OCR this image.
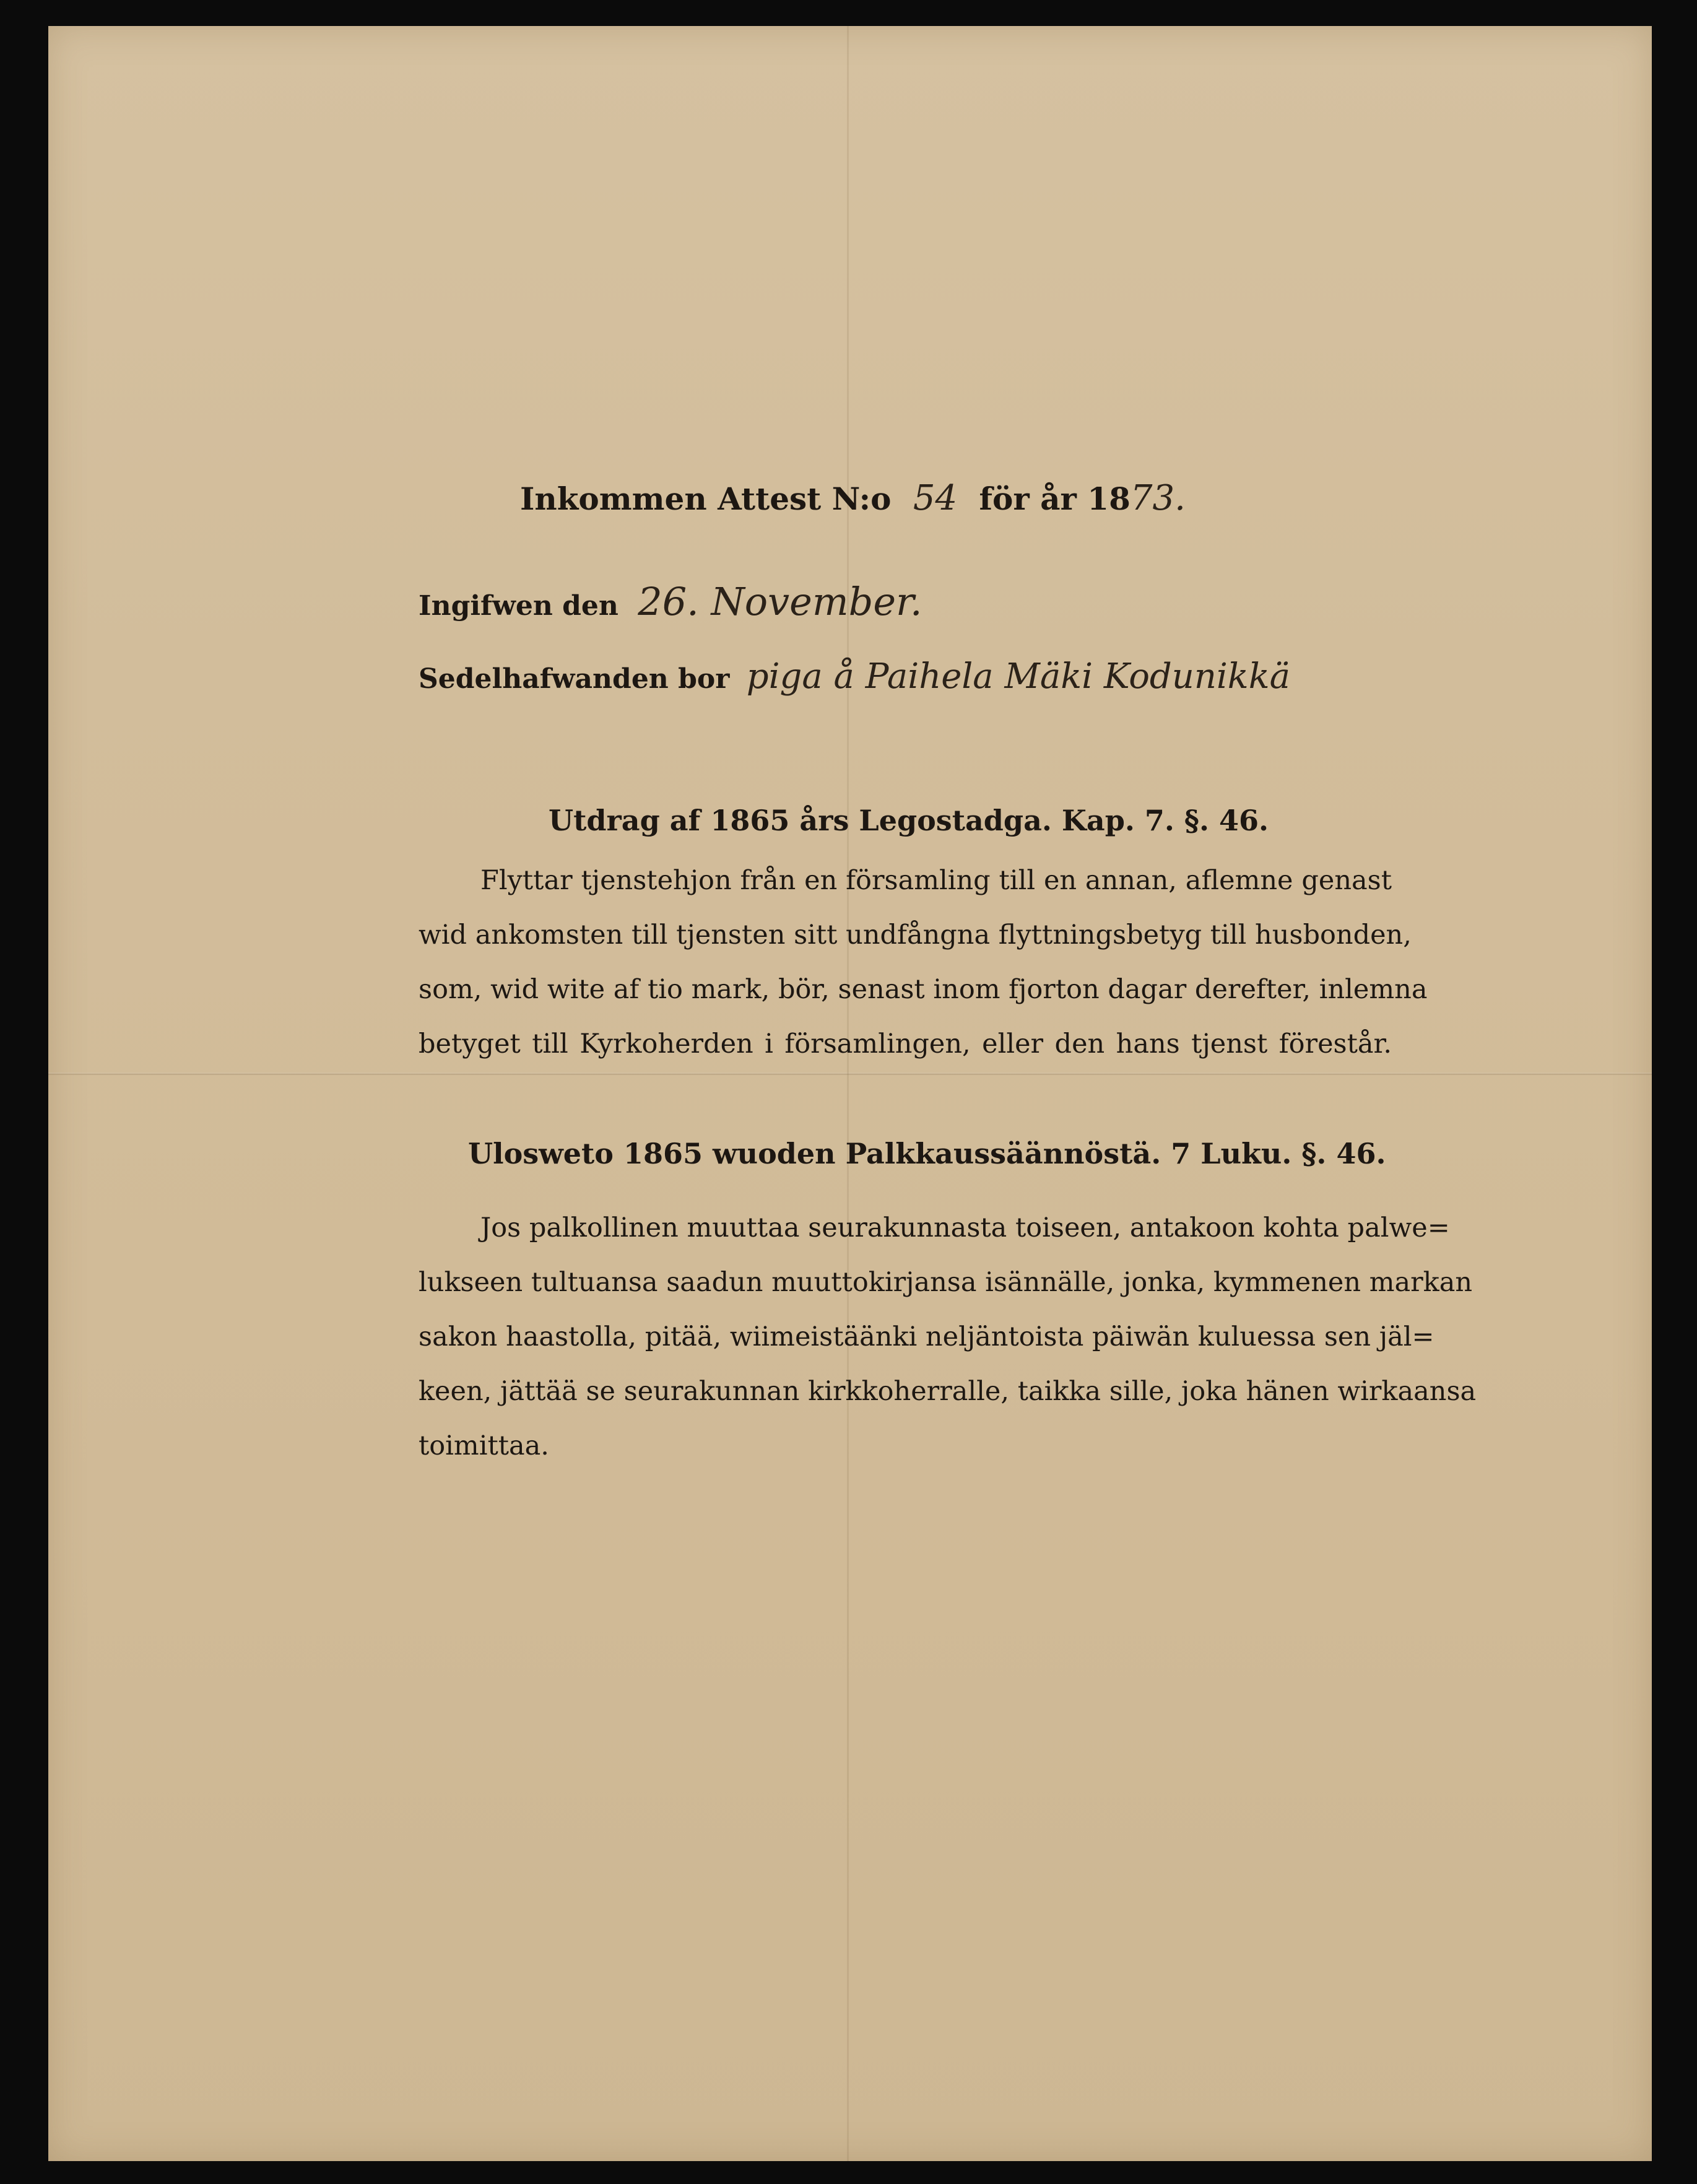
Inkommen Attest N:o 54 för år 1873.
Ingifwen den 26. November.
Sedelhafwanden bor piga å Paihela Mäki Kodunikkä
Utdrag af 1865 års Legostadga. Kap. 7. §. 46.
Flyttar tjenstehjon från en församling till en annan, aflemne genast
wid ankomsten till tjensten sitt undfångna flyttningsbetyg till husbonden,
som, wid wite af tio mark, bör, senast inom fjorton dagar derefter, inlemna
betyget till Kyrkoherden i församlingen, eller den hans tjenst förestår.
Ulosweto 1865 wuoden Palkkaussäännöstä. 7 Luku. §. 46.
Jos palkollinen muuttaa seurakunnasta toiseen, antakoon kohta palwe=
lukseen tultuansa saadun muuttokirjansa isännälle, jonka, kymmenen markan
sakon haastolla, pitää, wiimeistäänki neljäntoista päiwän kuluessa sen jäl=
keen, jättää se seurakunnan kirkkoherralle, taikka sille, joka hänen wirkaansa
toimittaa.
